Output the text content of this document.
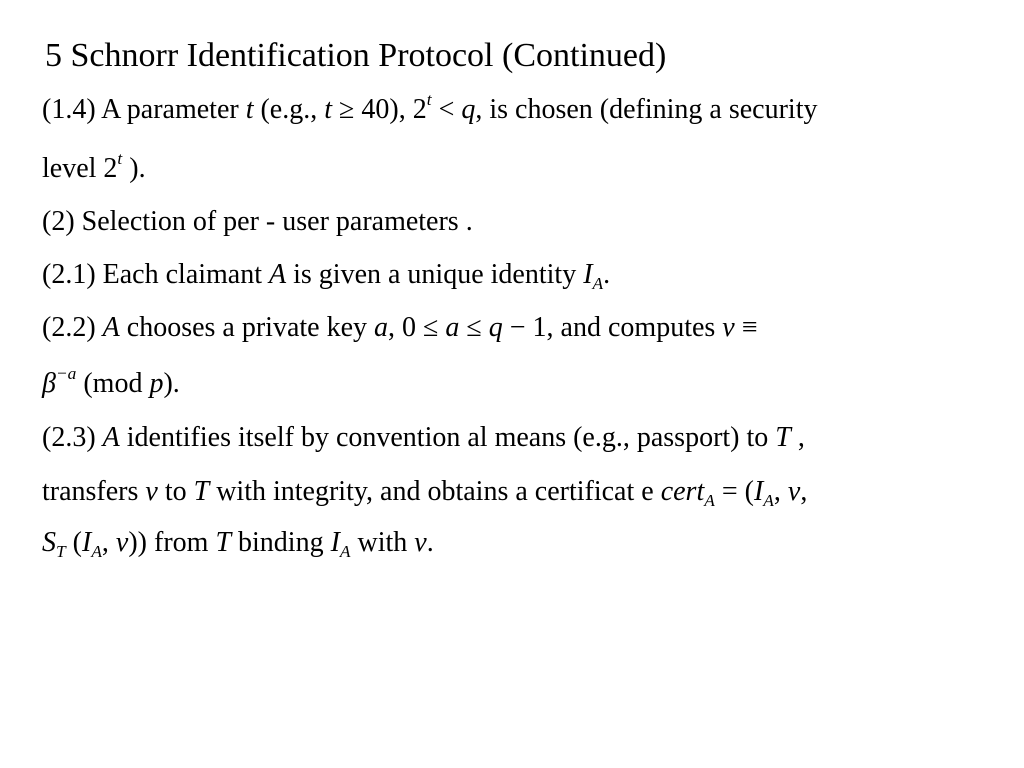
5 Schnorr Identification Protocol (Continued)
(1.4) A parameter t (e.g., t ≥ 40), $2^t < q$, is chosen (defining a security
level 2$^t$ ).
(2) Selection of per - user parameters .
(2.1) Each claimant A is given a unique identity $I_A$.
(2.2) A chooses a private key a, 0 ≤ a ≤ q − 1, and computes v ≡
$\beta^{-a}$ (mod p).
(2.3) A identifies itself by convention al means (e.g., passport) to T ,
transfers v to T with integrity, and obtains a certificat e cert$_A$ = ($I_A$, v,
$S_T$ ($I_A$, v)) from T binding $I_A$ with v.
